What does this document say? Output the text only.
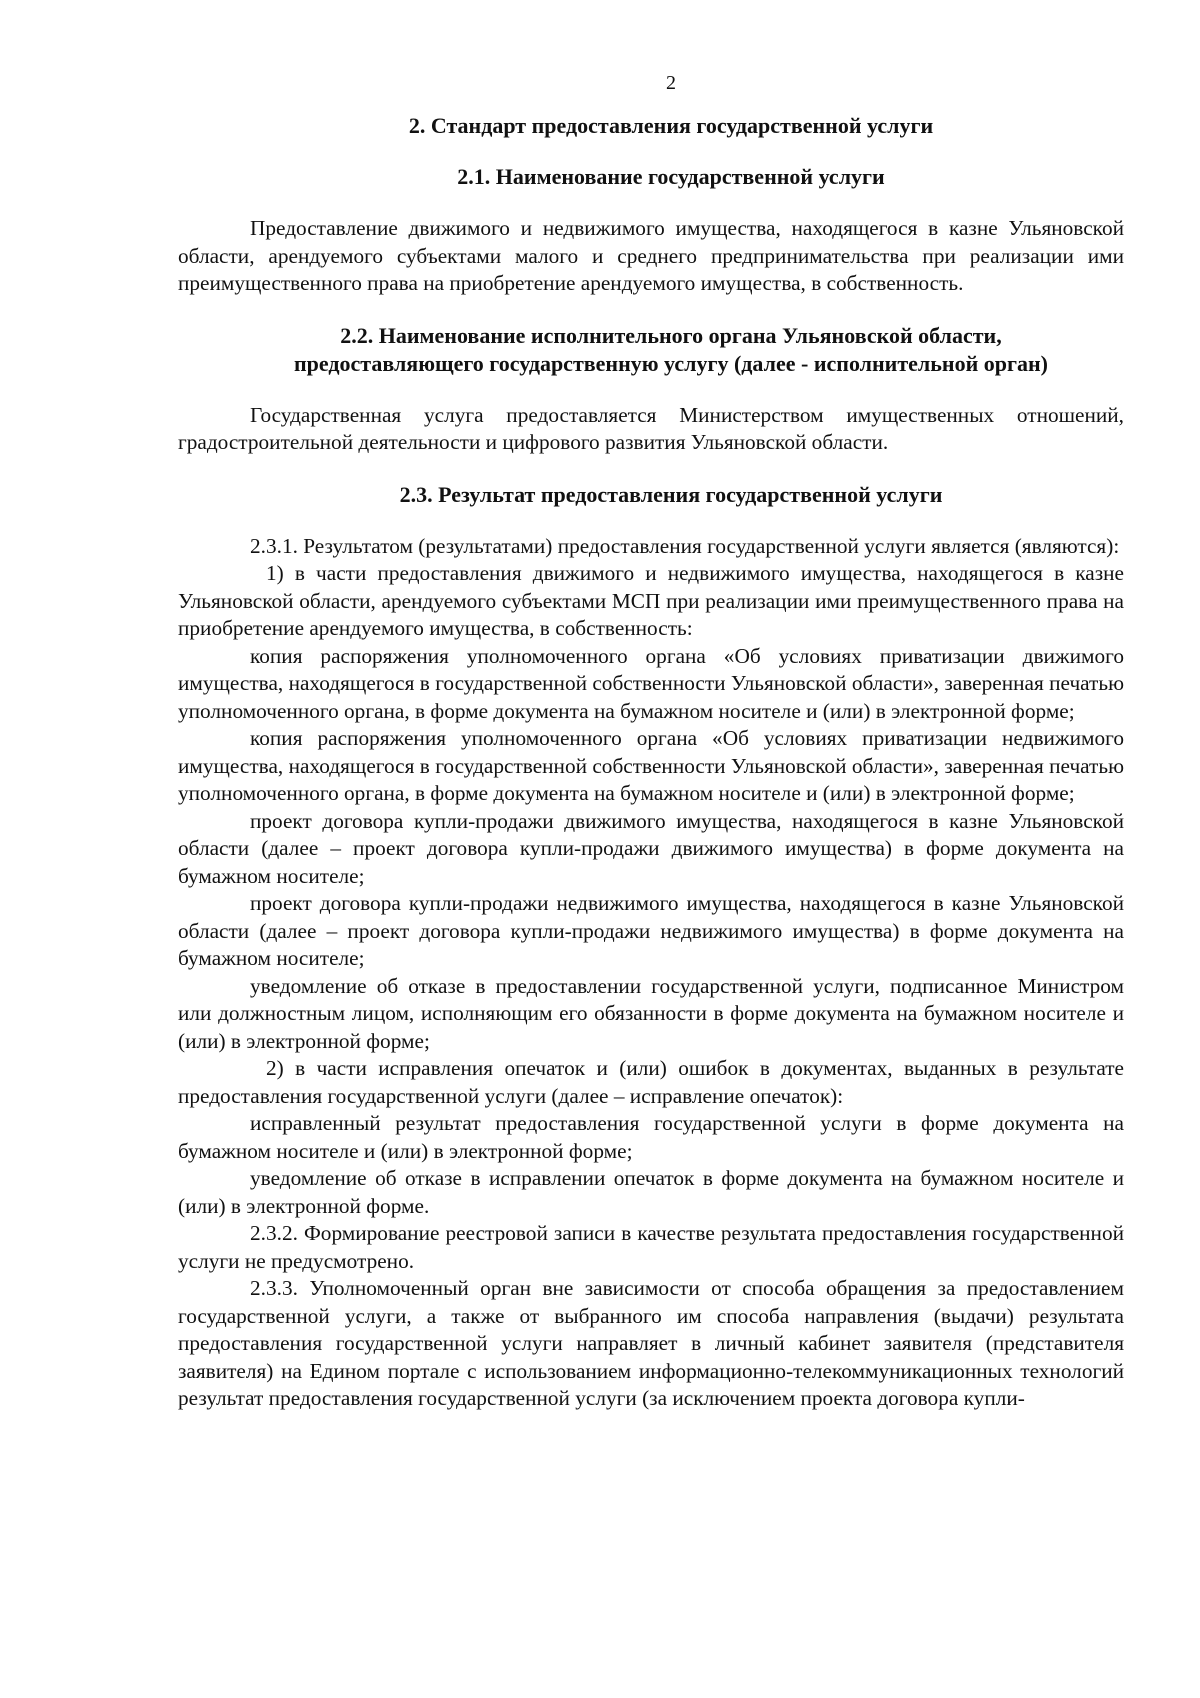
2
2. Стандарт предоставления государственной услуги
2.1. Наименование государственной услуги

Предоставление движимого и недвижимого имущества, находящегося в казне Ульяновской области, арендуемого субъектами малого и среднего предпринимательства при реализации ими преимущественного права на приобретение арендуемого имущества, в собственность.

2.2. Наименование исполнительного органа Ульяновской области,
предоставляющего государственную услугу (далее - исполнительной орган)

Государственная услуга предоставляется Министерством имущественных отношений, градостроительной деятельности и цифрового развития Ульяновской области.

2.3. Результат предоставления государственной услуги

2.3.1. Результатом (результатами) предоставления государственной услуги является (являются):

1) в части предоставления движимого и недвижимого имущества, находящегося в казне Ульяновской области, арендуемого субъектами МСП при реализации ими преимущественного права на приобретение арендуемого имущества, в собственность:

копия распоряжения уполномоченного органа «Об условиях приватизации движимого имущества, находящегося в государственной собственности Ульяновской области», заверенная печатью уполномоченного органа, в форме документа на бумажном носителе и (или) в электронной форме;

копия распоряжения уполномоченного органа «Об условиях приватизации недвижимого имущества, находящегося в государственной собственности Ульяновской области», заверенная печатью уполномоченного органа, в форме документа на бумажном носителе и (или) в электронной форме;

проект договора купли-продажи движимого имущества, находящегося в казне Ульяновской области (далее – проект договора купли-продажи движимого имущества) в форме документа на бумажном носителе;

проект договора купли-продажи недвижимого имущества, находящегося в казне Ульяновской области (далее – проект договора купли-продажи недвижимого имущества) в форме документа на бумажном носителе;

уведомление об отказе в предоставлении государственной услуги, подписанное Министром или должностным лицом, исполняющим его обязанности в форме документа на бумажном носителе и (или) в электронной форме;

2) в части исправления опечаток и (или) ошибок в документах, выданных в результате предоставления государственной услуги (далее – исправление опечаток):

исправленный результат предоставления государственной услуги в форме документа на бумажном носителе и (или) в электронной форме;

уведомление об отказе в исправлении опечаток в форме документа на бумажном носителе и (или) в электронной форме.

2.3.2. Формирование реестровой записи в качестве результата предоставления государственной услуги не предусмотрено.

2.3.3. Уполномоченный орган вне зависимости от способа обращения за предоставлением государственной услуги, а также от выбранного им способа направления (выдачи) результата предоставления государственной услуги направляет в личный кабинет заявителя (представителя заявителя) на Едином портале с использованием информационно-телекоммуникационных технологий результат предоставления государственной услуги (за исключением проекта договора купли-
